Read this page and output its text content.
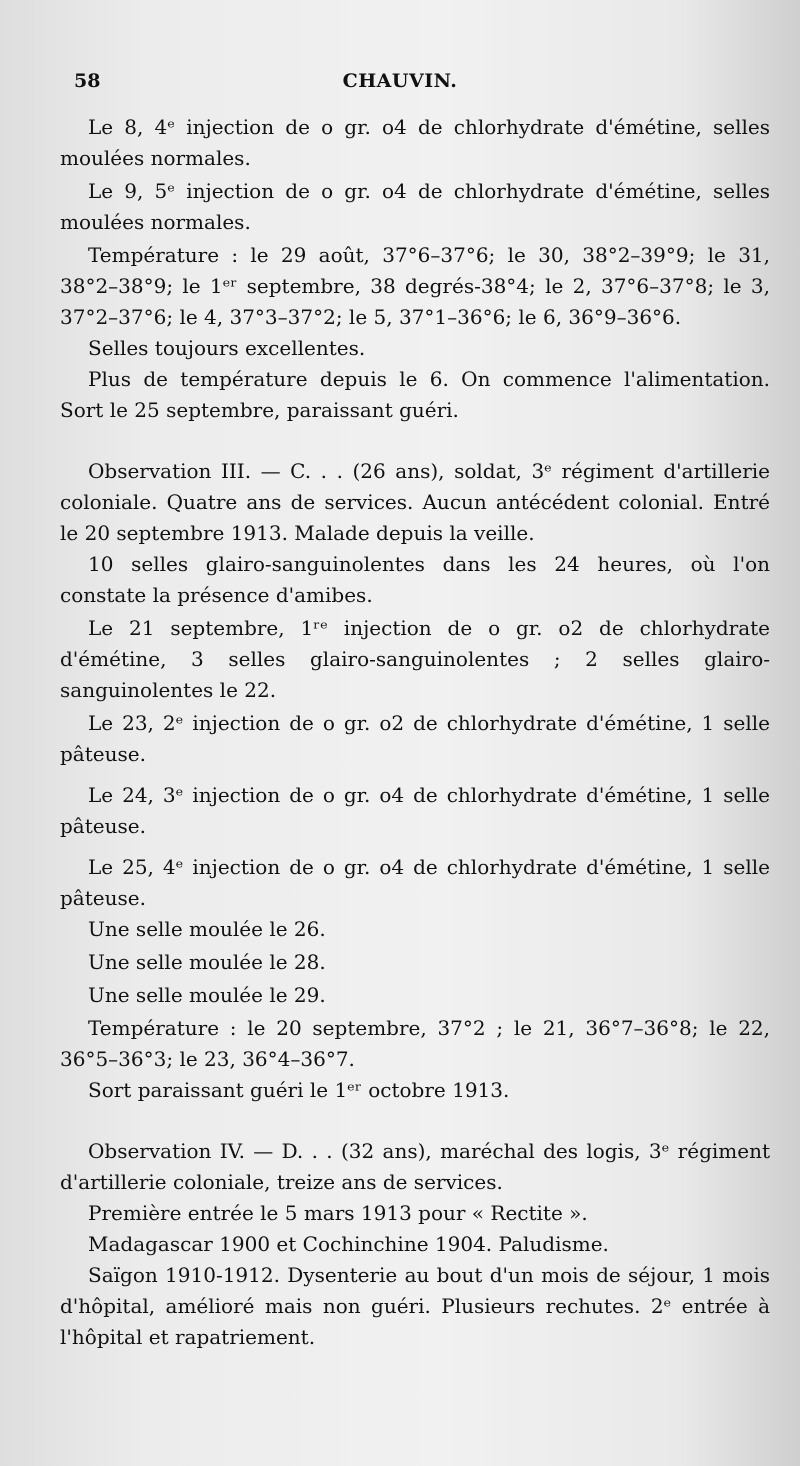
58	CHAUVIN.

Le 8, 4ᵉ injection de o gr. o4 de chlorhydrate d'émétine, selles moulées normales.

Le 9, 5ᵉ injection de o gr. o4 de chlorhydrate d'émétine, selles moulées normales.

Température : le 29 août, 37°6–37°6; le 30, 38°2–39°9; le 31, 38°2–38°9; le 1ᵉʳ septembre, 38 degrés-38°4; le 2, 37°6–37°8; le 3, 37°2–37°6; le 4, 37°3–37°2; le 5, 37°1–36°6; le 6, 36°9–36°6.

Selles toujours excellentes.

Plus de température depuis le 6. On commence l'alimentation. Sort le 25 septembre, paraissant guéri.

Observation III. — C. . . (26 ans), soldat, 3ᵉ régiment d'artillerie coloniale. Quatre ans de services. Aucun antécédent colonial. Entré le 20 septembre 1913. Malade depuis la veille.

10 selles glairo-sanguinolentes dans les 24 heures, où l'on constate la présence d'amibes.

Le 21 septembre, 1ʳᵉ injection de o gr. o2 de chlorhydrate d'émétine, 3 selles glairo-sanguinolentes ; 2 selles glairo-sanguinolentes le 22.

Le 23, 2ᵉ injection de o gr. o2 de chlorhydrate d'émétine, 1 selle pâteuse.

Le 24, 3ᵉ injection de o gr. o4 de chlorhydrate d'émétine, 1 selle pâteuse.

Le 25, 4ᵉ injection de o gr. o4 de chlorhydrate d'émétine, 1 selle pâteuse.

Une selle moulée le 26.

Une selle moulée le 28.

Une selle moulée le 29.

Température : le 20 septembre, 37°2 ; le 21, 36°7–36°8; le 22, 36°5–36°3; le 23, 36°4–36°7.

Sort paraissant guéri le 1ᵉʳ octobre 1913.

Observation IV. — D. . . (32 ans), maréchal des logis, 3ᵉ régiment d'artillerie coloniale, treize ans de services.

Première entrée le 5 mars 1913 pour « Rectite ».

Madagascar 1900 et Cochinchine 1904. Paludisme.

Saïgon 1910-1912. Dysenterie au bout d'un mois de séjour, 1 mois d'hôpital, amélioré mais non guéri. Plusieurs rechutes. 2ᵉ entrée à l'hôpital et rapatriement.
